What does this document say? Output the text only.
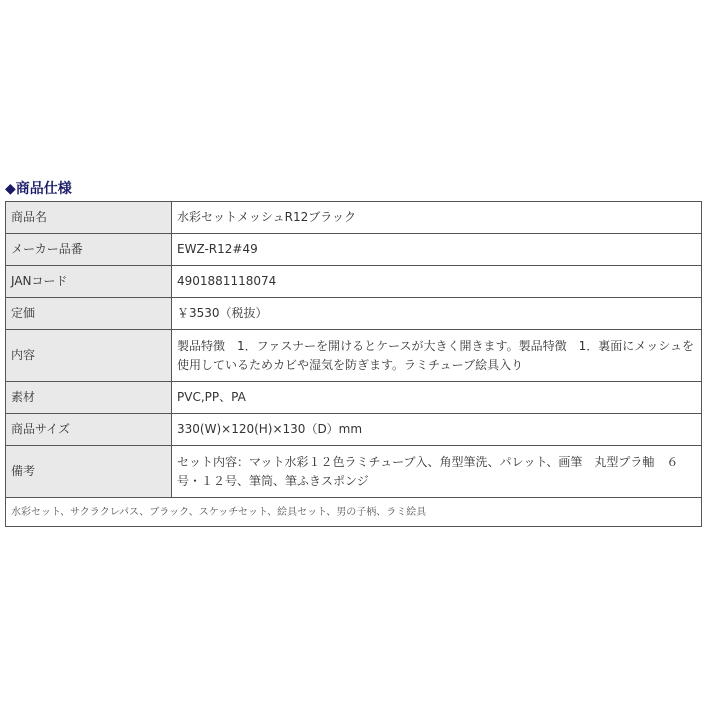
◆商品仕様
商品名	水彩セットメッシュR12ブラック
メーカー品番	EWZ-R12#49
JANコード	4901881118074
定価	￥3530（税抜）
内容	製品特徴　1．ファスナーを開けるとケースが大きく開きます。製品特徴　1．裏面にメッシュを使用しているためカビや湿気を防ぎます。ラミチューブ絵具入り
素材	PVC,PP、PA
商品サイズ	330(W)×120(H)×130（D）mm
備考	セット内容：マット水彩１２色ラミチューブ入、角型筆洗、パレット、画筆　丸型プラ軸　６号・１２号、筆筒、筆ふきスポンジ
水彩セット、サクラクレパス、ブラック、スケッチセット、絵具セット、男の子柄、ラミ絵具	
